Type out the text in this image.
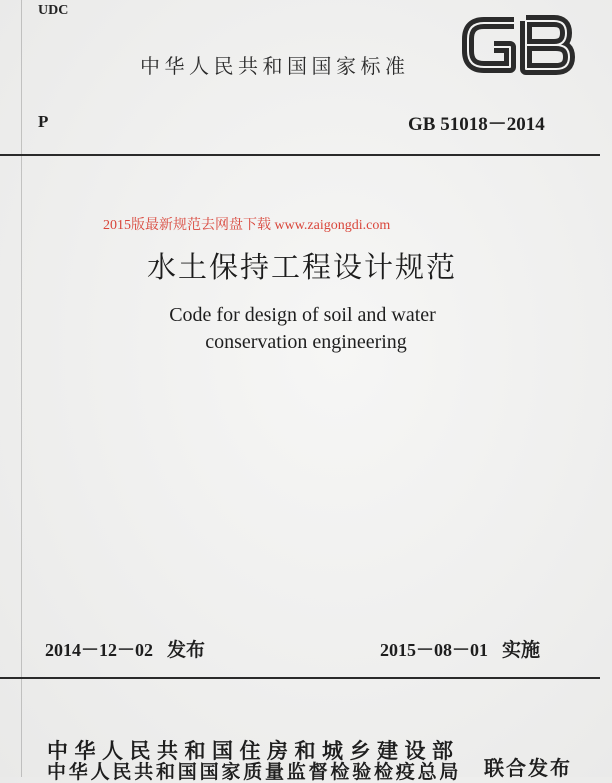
UDC
中华人民共和国国家标准
P	GB 51018－2014
2015版最新规范去网盘下载 www.zaigongdi.com
水土保持工程设计规范
Code for design of soil and water
conservation engineering
2014－12－02 发布	2015－08－01 实施
中华人民共和国住房和城乡建设部
中华人民共和国国家质量监督检验检疫总局 联合发布
